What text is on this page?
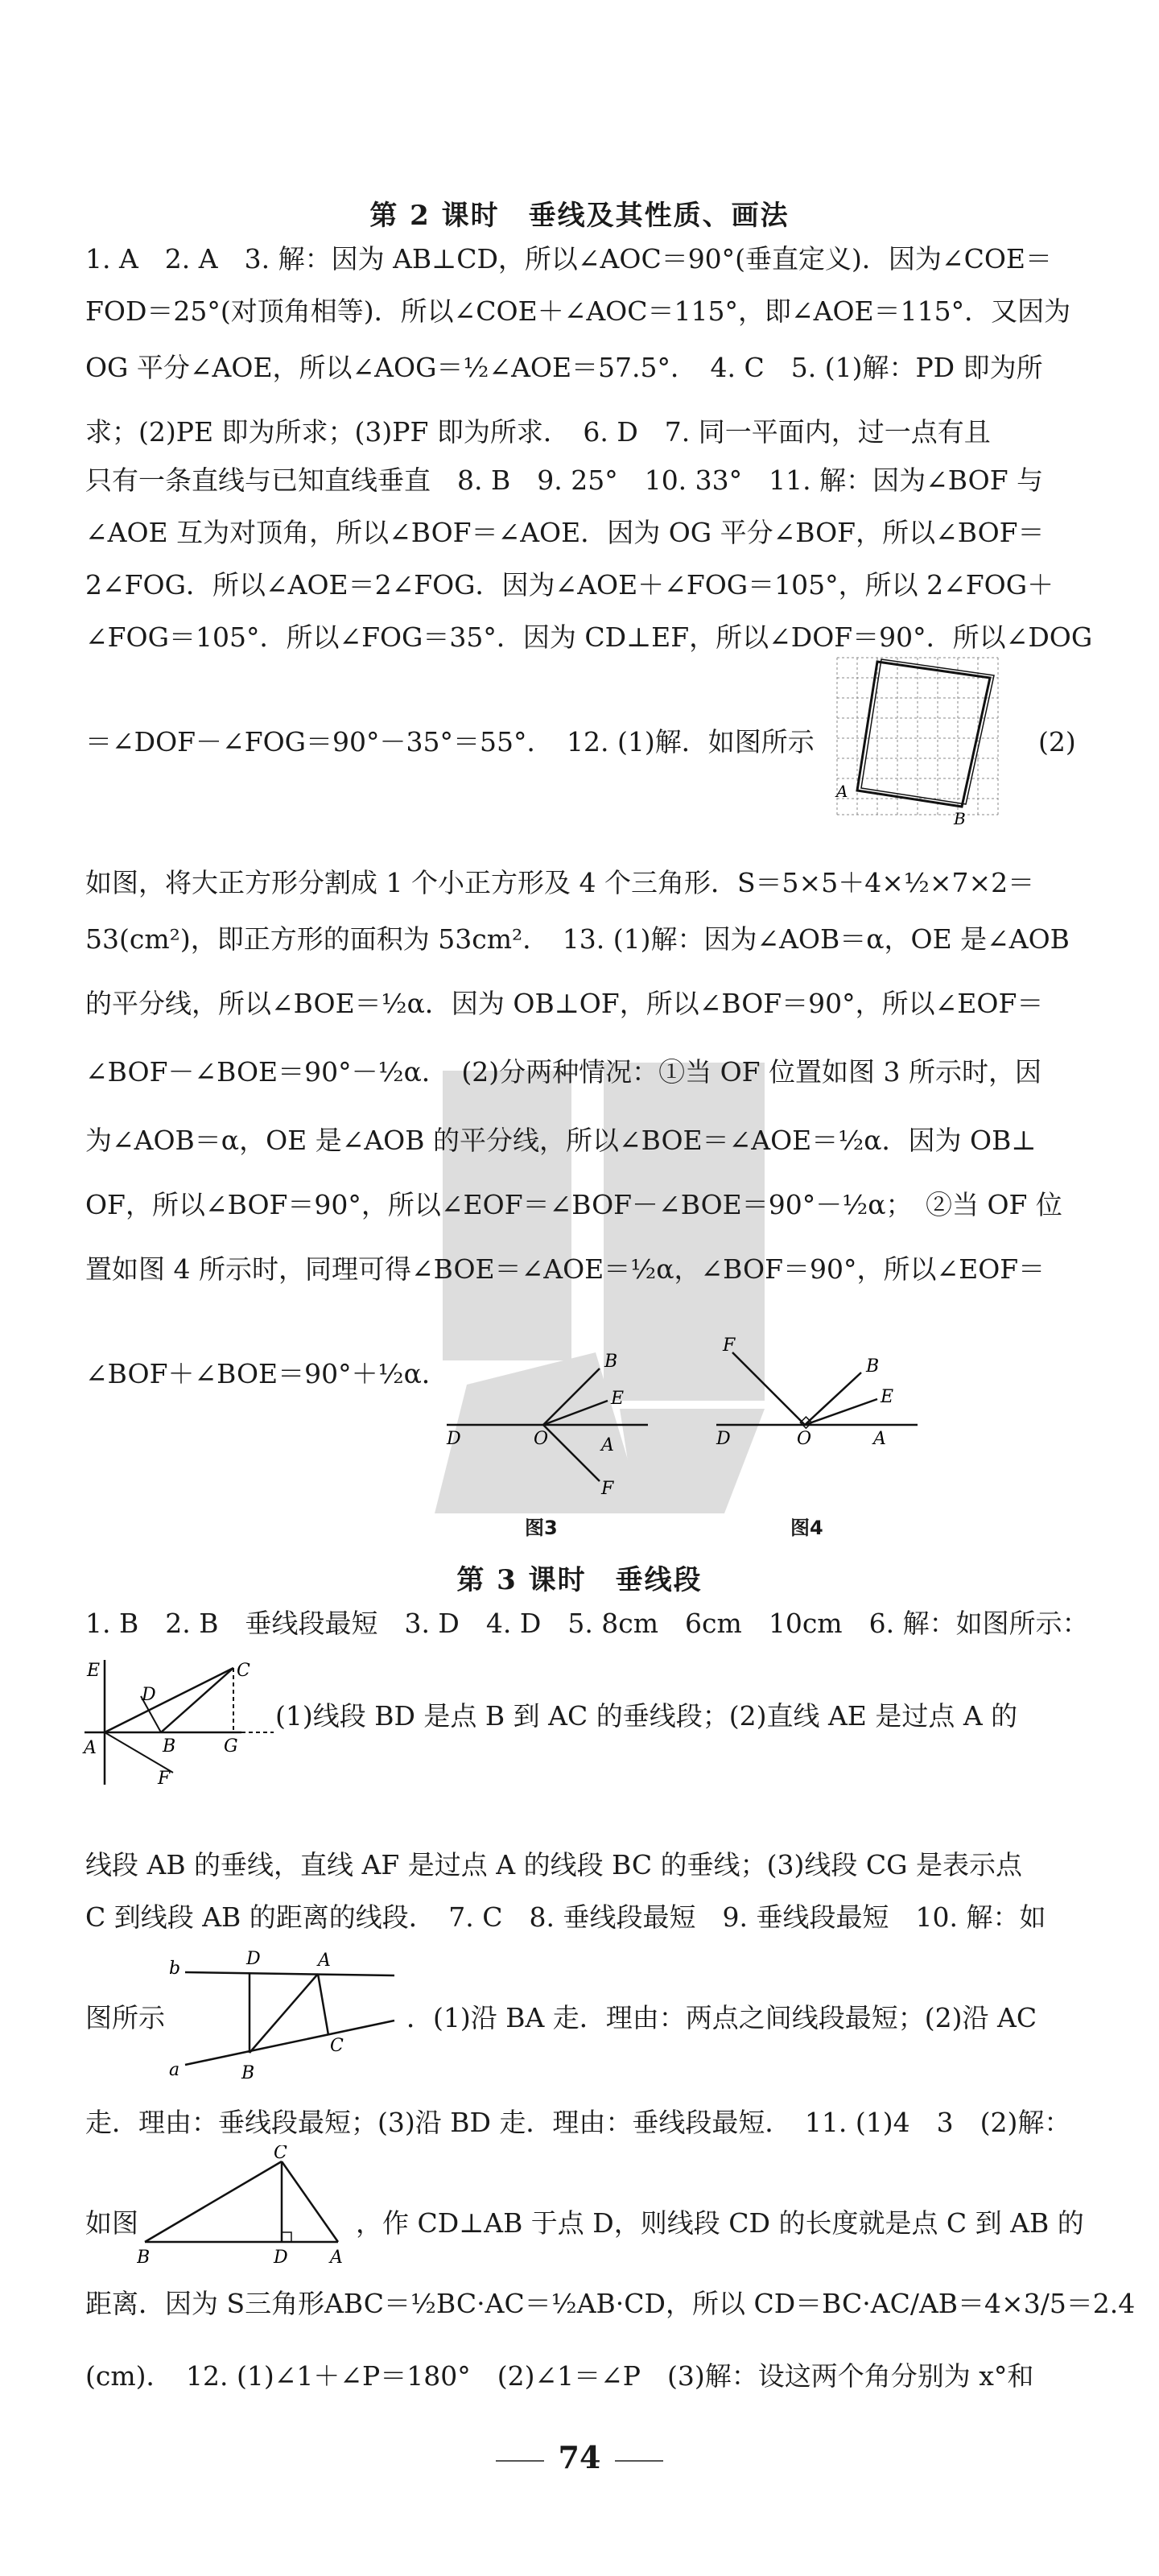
第 2 课时　垂线及其性质、画法
1. A　2. A　3. 解：因为 AB⊥CD，所以∠AOC＝90°(垂直定义)．因为∠COE＝
FOD＝25°(对顶角相等)．所以∠COE＋∠AOC＝115°，即∠AOE＝115°．又因为
OG 平分∠AOE，所以∠AOG＝½∠AOE＝57.5°．　4. C　5. (1)解：PD 即为所
求；(2)PE 即为所求；(3)PF 即为所求．　6. D　7. 同一平面内，过一点有且
只有一条直线与已知直线垂直　8. B　9. 25°　10. 33°　11. 解：因为∠BOF 与
∠AOE 互为对顶角，所以∠BOF＝∠AOE．因为 OG 平分∠BOF，所以∠BOF＝
2∠FOG．所以∠AOE＝2∠FOG．因为∠AOE＋∠FOG＝105°，所以 2∠FOG＋
∠FOG＝105°．所以∠FOG＝35°．因为 CD⊥EF，所以∠DOF＝90°．所以∠DOG
＝∠DOF－∠FOG＝90°－35°＝55°．　12. (1)解．如图所示	(2)
A
B
如图，将大正方形分割成 1 个小正方形及 4 个三角形．S＝5×5＋4×½×7×2＝
53(cm²)，即正方形的面积为 53cm²．　13. (1)解：因为∠AOB＝α，OE 是∠AOB
的平分线，所以∠BOE＝½α．因为 OB⊥OF，所以∠BOF＝90°，所以∠EOF＝
∠BOF－∠BOE＝90°－½α．　(2)分两种情况：①当 OF 位置如图 3 所示时，因
为∠AOB＝α，OE 是∠AOB 的平分线，所以∠BOE＝∠AOE＝½α．因为 OB⊥
OF，所以∠BOF＝90°，所以∠EOF＝∠BOF－∠BOE＝90°－½α；　②当 OF 位
置如图 4 所示时，同理可得∠BOE＝∠AOE＝½α，∠BOF＝90°，所以∠EOF＝
∠BOF＋∠BOE＝90°＋½α．
D	O	A
B
E
F
图3
D	O	A
F
B
E
图4
第 3 课时　垂线段
1. B　2. B　垂线段最短　3. D　4. D　5. 8cm　6cm　10cm　6. 解：如图所示：
E	C
D
A	B	G
F
(1)线段 BD 是点 B 到 AC 的垂线段；(2)直线 AE 是过点 A 的
线段 AB 的垂线，直线 AF 是过点 A 的线段 BC 的垂线；(3)线段 CG 是表示点
C 到线段 AB 的距离的线段．　7. C　8. 垂线段最短　9. 垂线段最短　10. 解：如
b
a
D	A
B
C
图所示	．(1)沿 BA 走．理由：两点之间线段最短；(2)沿 AC
走．理由：垂线段最短；(3)沿 BD 走．理由：垂线段最短．　11. (1)4　3　(2)解：
C
B	D A
如图	，作 CD⊥AB 于点 D，则线段 CD 的长度就是点 C 到 AB 的
距离．因为 S三角形ABC＝½BC·AC＝½AB·CD，所以 CD＝BC·AC/AB＝4×3/5＝2.4
(cm)．　12. (1)∠1＋∠P＝180°　(2)∠1＝∠P　(3)解：设这两个角分别为 x°和
74
